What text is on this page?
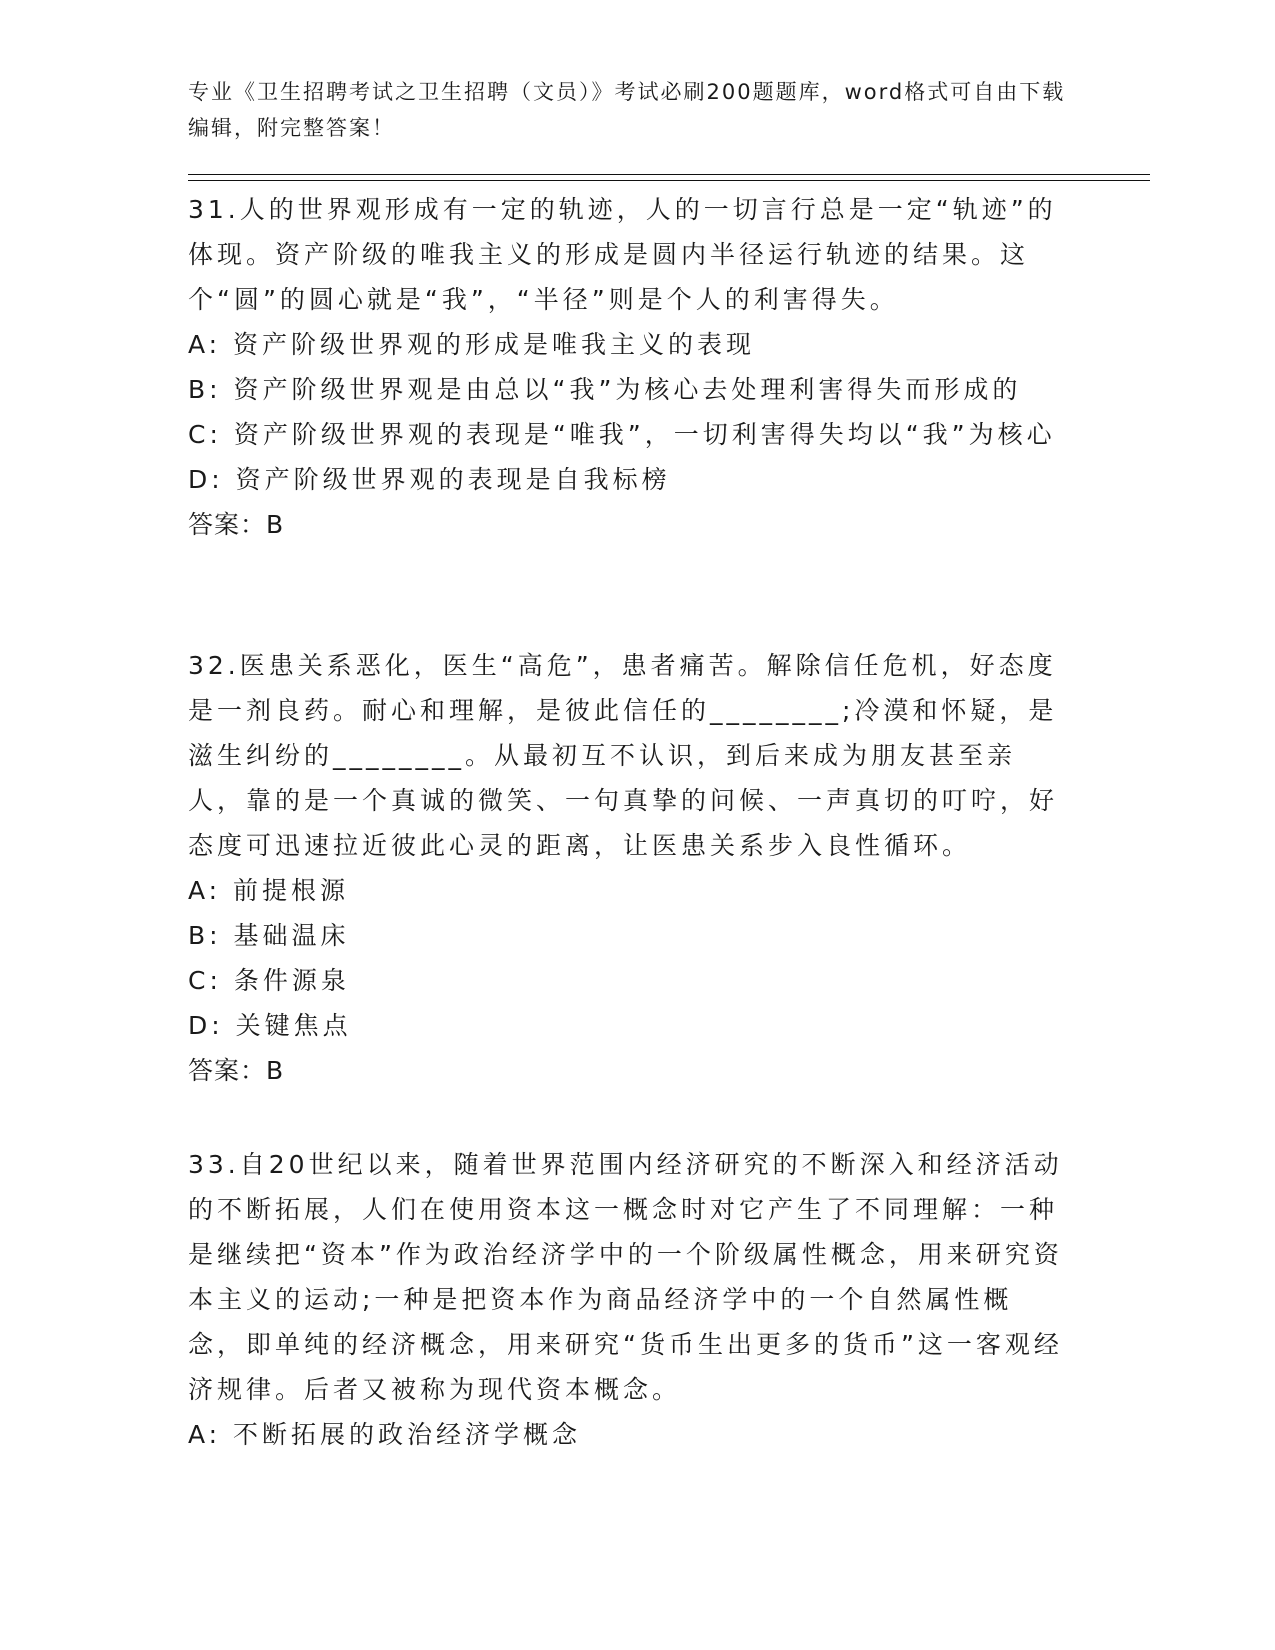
专业《卫生招聘考试之卫生招聘（文员）》考试必刷200题题库，word格式可自由下载编辑，附完整答案！

31.人的世界观形成有一定的轨迹，人的一切言行总是一定“轨迹”的体现。资产阶级的唯我主义的形成是圆内半径运行轨迹的结果。这个“圆”的圆心就是“我”，“半径”则是个人的利害得失。

A: 资产阶级世界观的形成是唯我主义的表现

B: 资产阶级世界观是由总以“我”为核心去处理利害得失而形成的

C: 资产阶级世界观的表现是“唯我”，一切利害得失均以“我”为核心

D: 资产阶级世界观的表现是自我标榜

答案：B

32.医患关系恶化，医生“高危”，患者痛苦。解除信任危机，好态度是一剂良药。耐心和理解，是彼此信任的________;冷漠和怀疑，是滋生纠纷的________。从最初互不认识，到后来成为朋友甚至亲人，靠的是一个真诚的微笑、一句真挚的问候、一声真切的叮咛，好态度可迅速拉近彼此心灵的距离，让医患关系步入良性循环。

A: 前提根源

B: 基础温床

C: 条件源泉

D: 关键焦点

答案：B

33.自20世纪以来，随着世界范围内经济研究的不断深入和经济活动的不断拓展，人们在使用资本这一概念时对它产生了不同理解：一种是继续把“资本”作为政治经济学中的一个阶级属性概念，用来研究资本主义的运动;一种是把资本作为商品经济学中的一个自然属性概念，即单纯的经济概念，用来研究“货币生出更多的货币”这一客观经济规律。后者又被称为现代资本概念。

A: 不断拓展的政治经济学概念
